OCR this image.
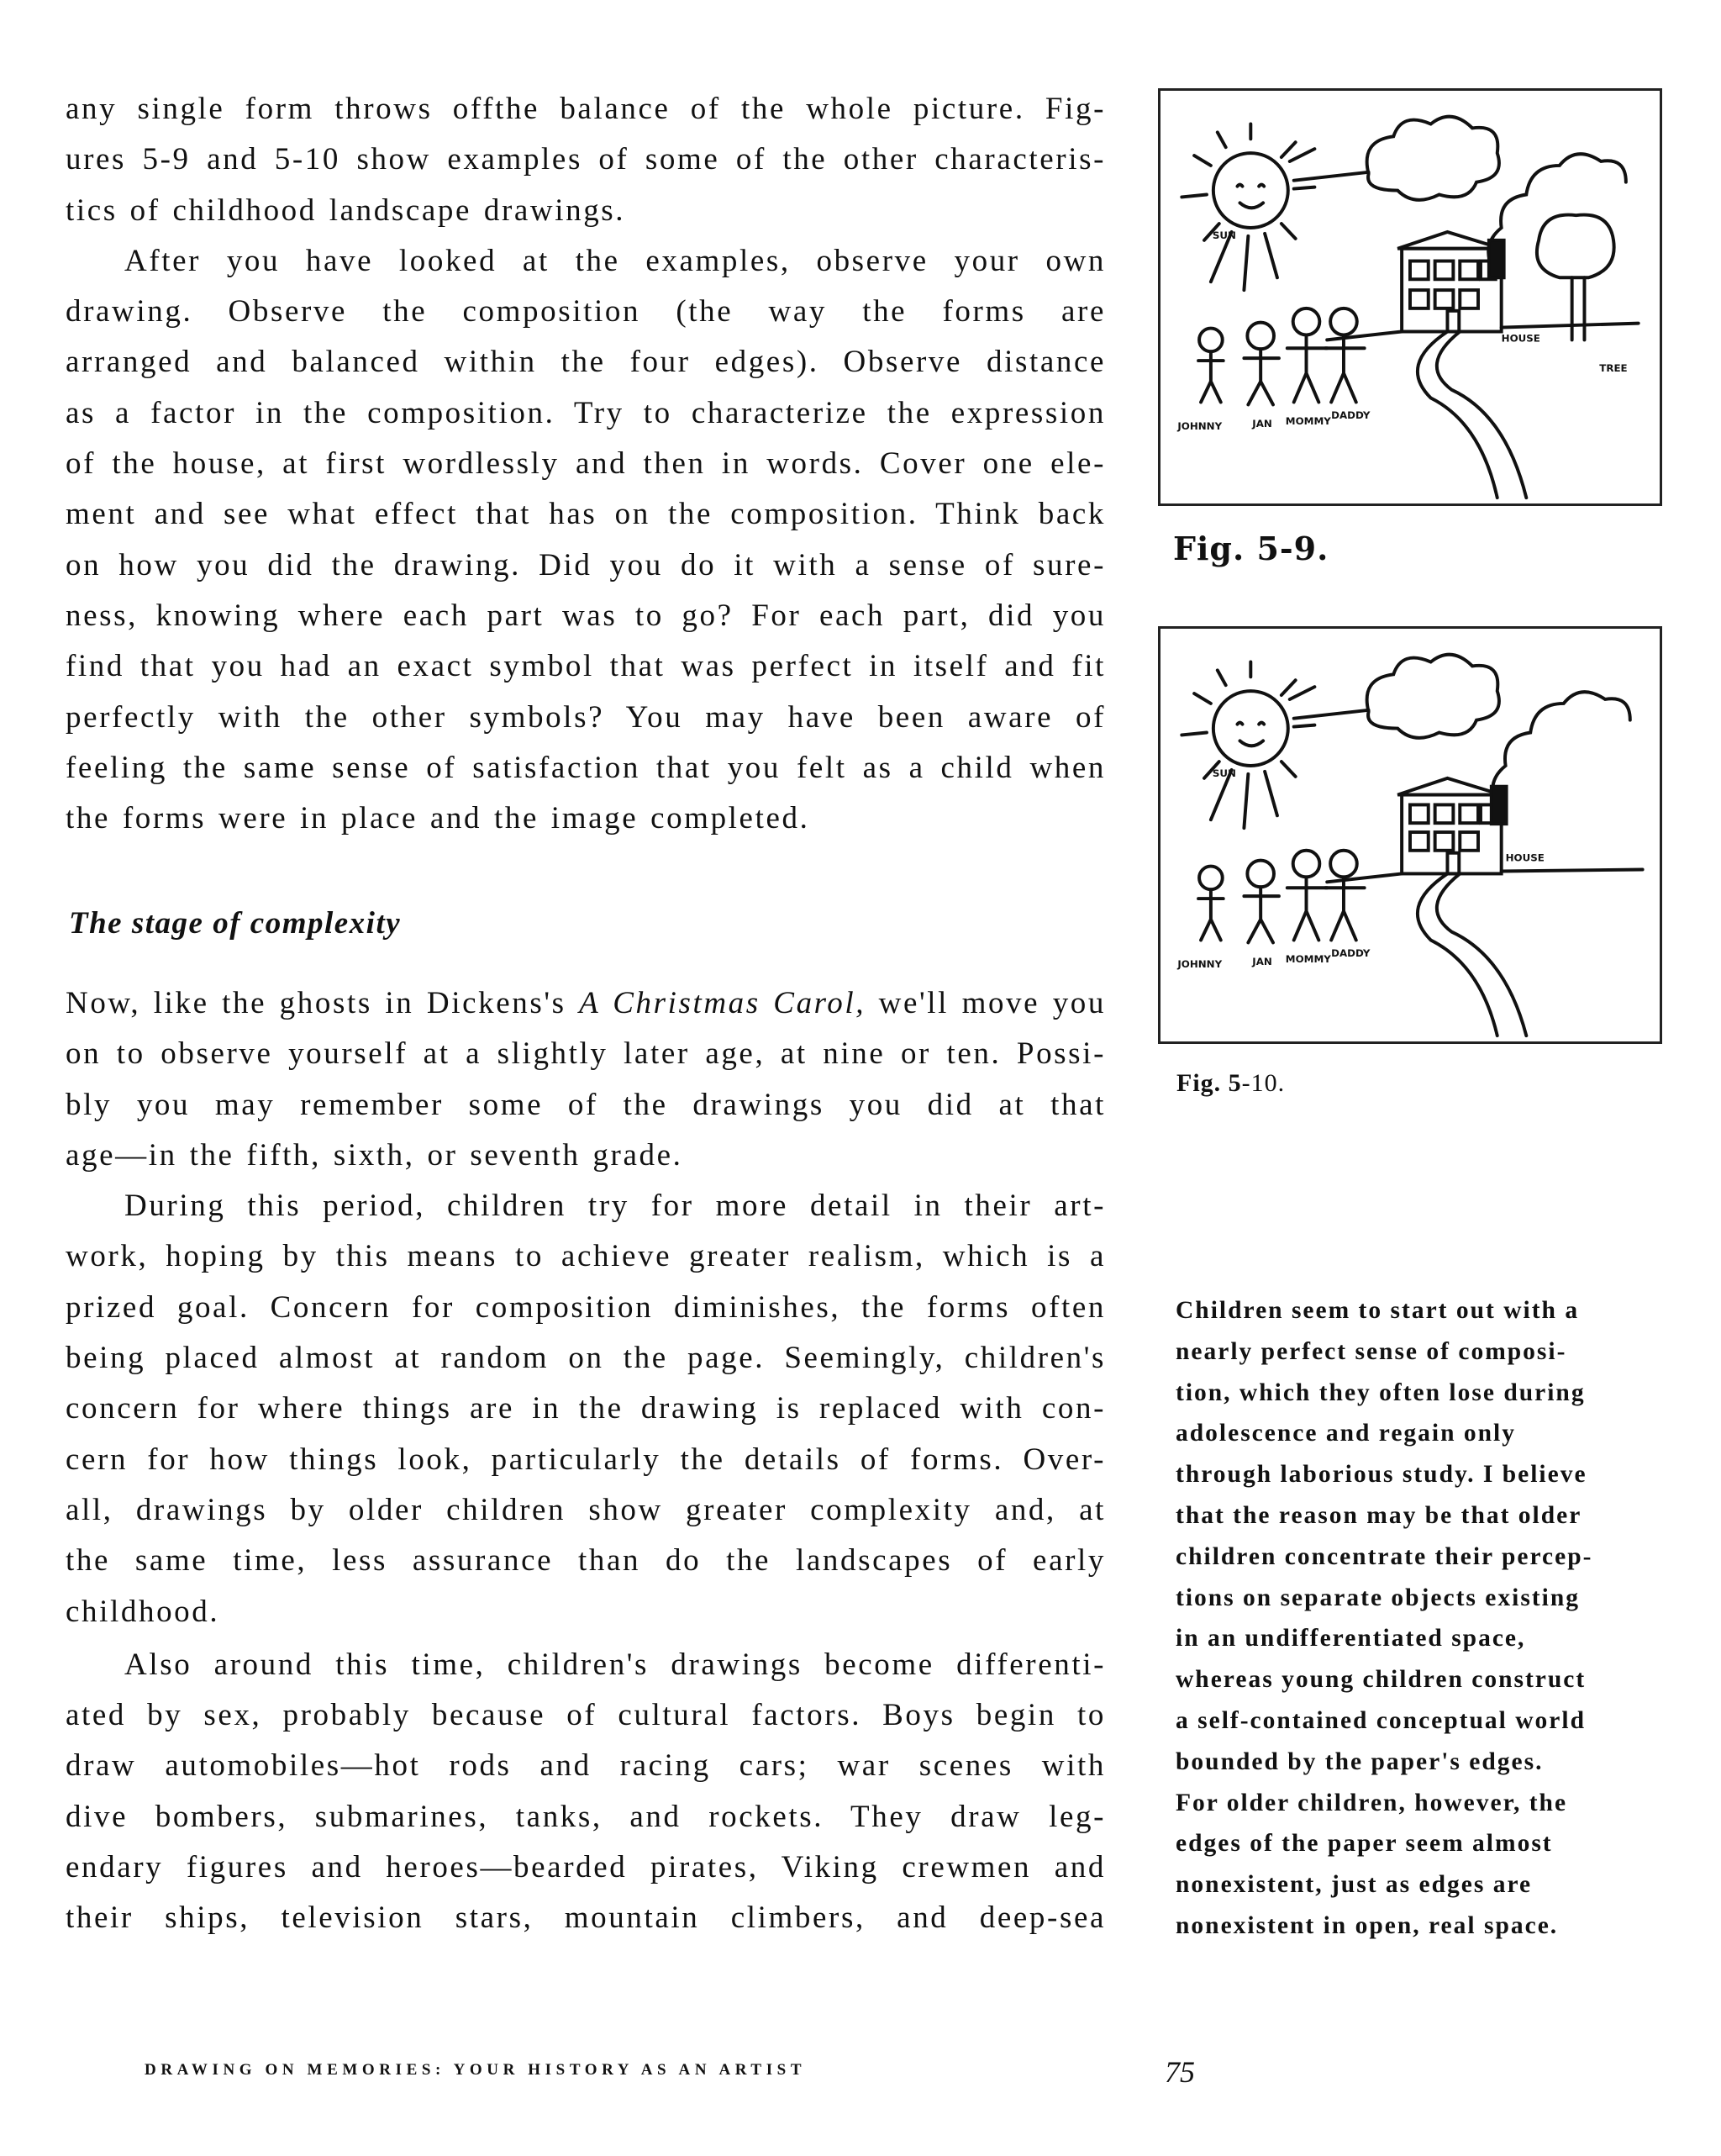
any single form throws offthe balance of the whole picture. Fig-
ures 5-9 and 5-10 show examples of some of the other characteris-
tics of childhood landscape drawings.

After you have looked at the examples, observe your own
drawing. Observe the composition (the way the forms are
arranged and balanced within the four edges). Observe distance
as a factor in the composition. Try to characterize the expression
of the house, at first wordlessly and then in words. Cover one ele-
ment and see what effect that has on the composition. Think back
on how you did the drawing. Did you do it with a sense of sure-
ness, knowing where each part was to go? For each part, did you
find that you had an exact symbol that was perfect in itself and fit
perfectly with the other symbols? You may have been aware of
feeling the same sense of satisfaction that you felt as a child when
the forms were in place and the image completed.

The stage of complexity

Now, like the ghosts in Dickens's A Christmas Carol, we'll move you
on to observe yourself at a slightly later age, at nine or ten. Possi-
bly you may remember some of the drawings you did at that
age—in the fifth, sixth, or seventh grade.

During this period, children try for more detail in their art-
work, hoping by this means to achieve greater realism, which is a
prized goal. Concern for composition diminishes, the forms often
being placed almost at random on the page. Seemingly, children's
concern for where things are in the drawing is replaced with con-
cern for how things look, particularly the details of forms. Over-
all, drawings by older children show greater complexity and, at
the same time, less assurance than do the landscapes of early
childhood.

Also around this time, children's drawings become differenti-
ated by sex, probably because of cultural factors. Boys begin to
draw automobiles—hot rods and racing cars; war scenes with
dive bombers, submarines, tanks, and rockets. They draw leg-
endary figures and heroes—bearded pirates, Viking crewmen and
their ships, television stars, mountain climbers, and deep-sea

SUN
JOHNNY	JAN MOMMY DADDY
HOUSE
TREE
Fig. 5-9.
SUN
JOHNNY	JAN MOMMY DADDY
HOUSE
Fig. 5-10.
Children seem to start out with a
nearly perfect sense of composi-
tion, which they often lose during
adolescence and regain only
through laborious study. I believe
that the reason may be that older
children concentrate their percep-
tions on separate objects existing
in an undifferentiated space,
whereas young children construct
a self-contained conceptual world
bounded by the paper's edges.
For older children, however, the
edges of the paper seem almost
nonexistent, just as edges are
nonexistent in open, real space.
DRAWING ON MEMORIES: YOUR HISTORY AS AN ARTIST	75
